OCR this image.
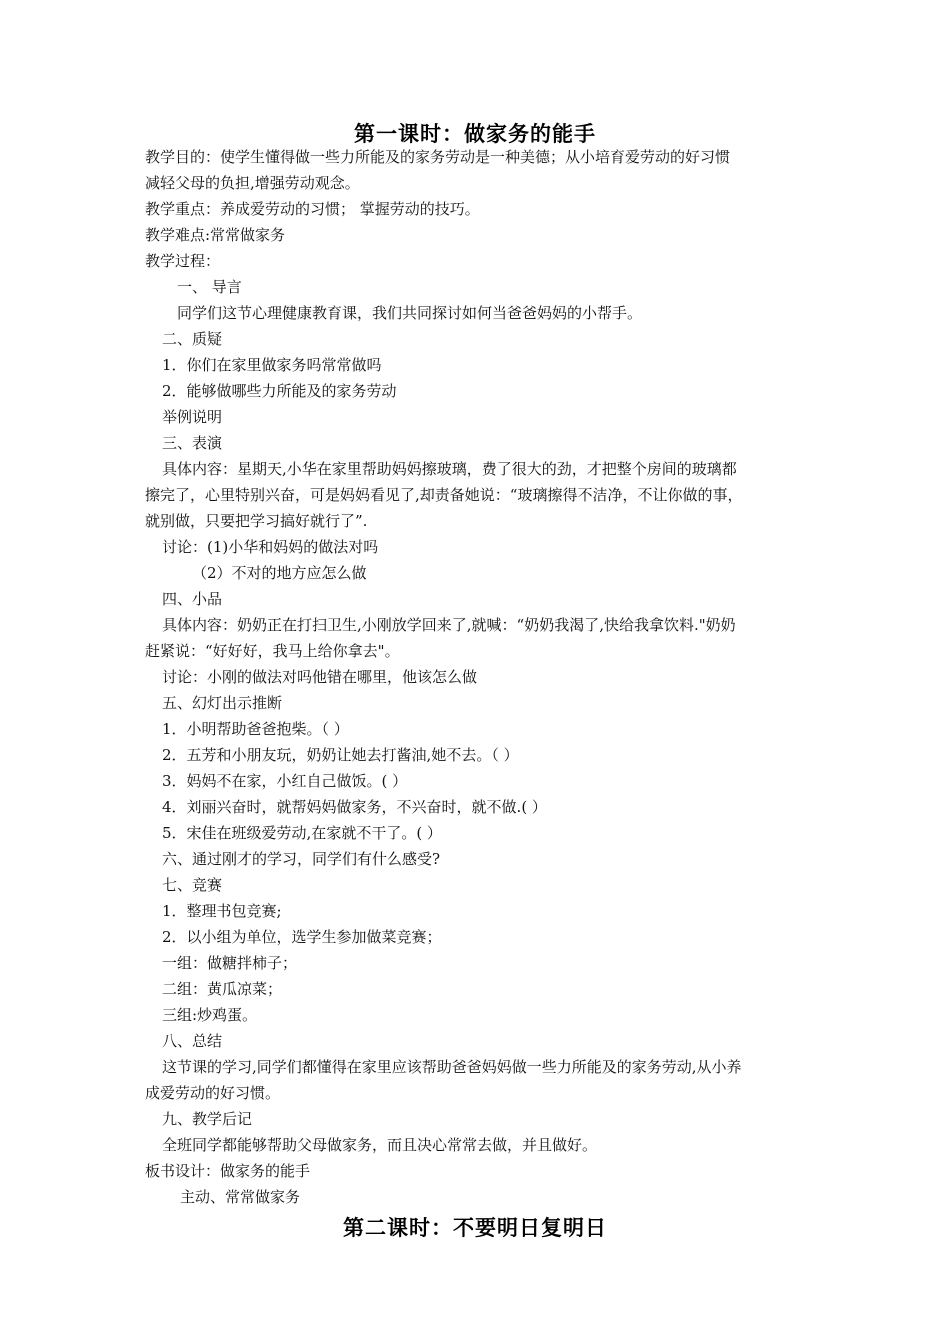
第一课时：做家务的能手
教学目的：使学生懂得做一些力所能及的家务劳动是一种美德；从小培育爱劳动的好习惯
减轻父母的负担,增强劳动观念。
教学重点：养成爱劳动的习惯； 掌握劳动的技巧。
教学难点:常常做家务
教学过程：
一、 导言
同学们这节心理健康教育课，我们共同探讨如何当爸爸妈妈的小帮手。
二、质疑
1．你们在家里做家务吗常常做吗
2．能够做哪些力所能及的家务劳动
举例说明
三、表演
具体内容：星期天,小华在家里帮助妈妈擦玻璃，费了很大的劲，才把整个房间的玻璃都
擦完了，心里特别兴奋，可是妈妈看见了,却责备她说：“玻璃擦得不洁净，不让你做的事，
就别做，只要把学习搞好就行了”.
讨论：(1)小华和妈妈的做法对吗
（2）不对的地方应怎么做
四、小品
具体内容：奶奶正在打扫卫生,小刚放学回来了,就喊：“奶奶我渴了,快给我拿饮料."奶奶
赶紧说：“好好好，我马上给你拿去"。
讨论：小刚的做法对吗他错在哪里，他该怎么做
五、幻灯出示推断
1．小明帮助爸爸抱柴。（ ）
2．五芳和小朋友玩，奶奶让她去打酱油,她不去。（ ）
3．妈妈不在家，小红自己做饭。( ）
4．刘丽兴奋时，就帮妈妈做家务，不兴奋时，就不做.( ）
5．宋佳在班级爱劳动,在家就不干了。( ）
六、通过刚才的学习，同学们有什么感受?
七、竞赛
1．整理书包竞赛;
2．以小组为单位，选学生参加做菜竞赛；
一组：做糖拌柿子；
二组：黄瓜凉菜；
三组:炒鸡蛋。
八、总结
这节课的学习,同学们都懂得在家里应该帮助爸爸妈妈做一些力所能及的家务劳动,从小养
成爱劳动的好习惯。
九、教学后记
全班同学都能够帮助父母做家务，而且决心常常去做，并且做好。
板书设计：做家务的能手
主动、常常做家务
第二课时：不要明日复明日
